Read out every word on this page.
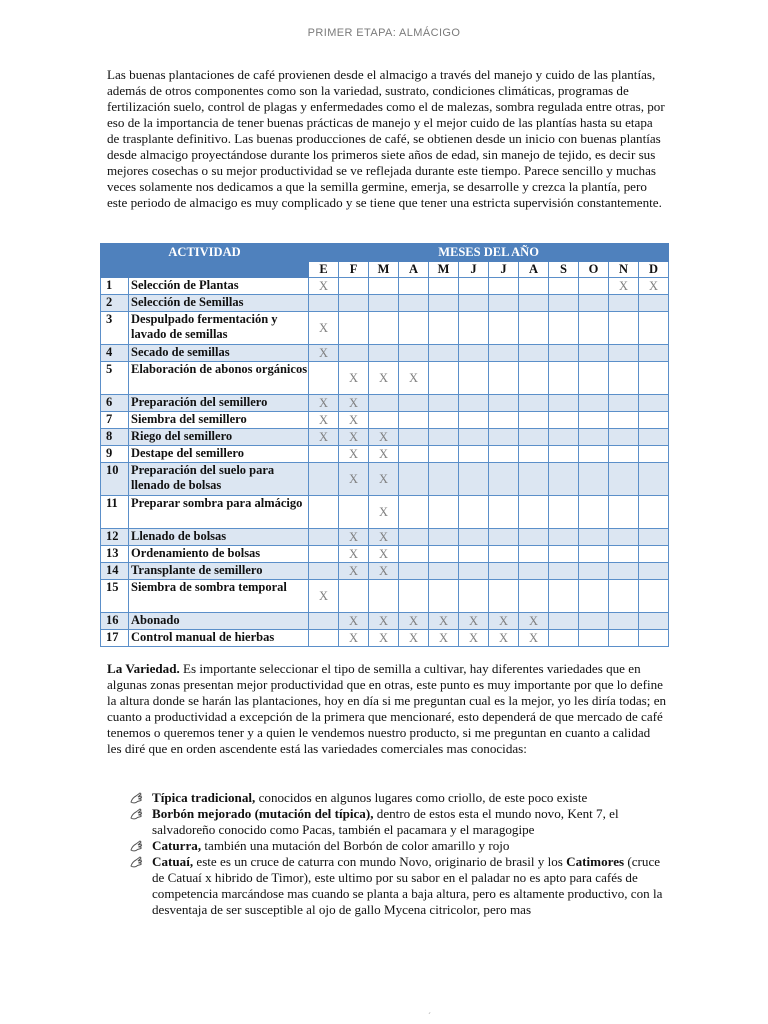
PRIMER ETAPA: ALMÁCIGO

Las buenas plantaciones de café provienen desde el almacigo a través del manejo y cuido de las plantías, además de otros componentes como son la variedad, sustrato, condiciones climáticas, programas de fertilización suelo, control de plagas y enfermedades como el de malezas, sombra regulada entre otras, por eso de la importancia de tener buenas prácticas de manejo y el mejor cuido de las plantías hasta su etapa de trasplante definitivo. Las buenas producciones de café, se obtienen desde un inicio con buenas plantías desde almacigo proyectándose durante los primeros siete años de edad, sin manejo de tejido, es decir sus mejores cosechas o su mejor productividad se ve reflejada durante este tiempo. Parece sencillo y muchas veces solamente nos dedicamos a que la semilla germine, emerja, se desarrolle y crezca la plantía, pero este periodo de almacigo es muy complicado y se tiene que tener una estricta supervisión constantemente.

ACTIVIDAD		MESES DEL AÑO											
		E	F	M	A	M	J	J	A	S	O	N	D
1	Selección de Plantas	X										X	X
2	Selección de Semillas												
3	Despulpado fermentación y lavado de semillas	X											
4	Secado de semillas	X											
5	Elaboración de abonos orgánicos		X	X	X								
6	Preparación del semillero	X	X										
7	Siembra del semillero	X	X										
8	Riego del semillero	X	X	X									
9	Destape del semillero		X	X									
10	Preparación del suelo para llenado de bolsas		X	X									
11	Preparar sombra para almácigo			X									
12	Llenado de bolsas		X	X									
13	Ordenamiento de bolsas		X	X									
14	Transplante de semillero		X	X									
15	Siembra de sombra temporal	X											
16	Abonado		X	X	X	X	X	X	X				
17	Control manual de hierbas		X	X	X	X	X	X	X				

La Variedad. Es importante seleccionar el tipo de semilla a cultivar, hay diferentes variedades que en algunas zonas presentan mejor productividad que en otras, este punto es muy importante por que lo define la altura donde se harán las plantaciones, hoy en día si me preguntan cual es la mejor, yo les diría todas; en cuanto a productividad a excepción de la primera que mencionaré, esto dependerá de que mercado de café tenemos o queremos tener y a quien le vendemos nuestro producto, si me preguntan en cuanto a calidad les diré que en orden ascendente está las variedades comerciales mas conocidas:

Típica tradicional, conocidos en algunos lugares como criollo, de este poco existe
Borbón mejorado (mutación del típica), dentro de estos esta el mundo novo, Kent 7, el salvadoreño conocido como Pacas, también el pacamara y el maragogipe
Caturra, también una mutación del Borbón de color amarillo y rojo
Catuaí, este es un cruce de caturra con mundo Novo, originario de brasil y los Catimores (cruce de Catuaí x hibrido de Timor), este ultimo por su sabor en el paladar no es apto para cafés de competencia marcándose mas cuando se planta a baja altura, pero es altamente productivo, con la desventaja de ser susceptible al ojo de gallo Mycena citricolor, pero mas
´
